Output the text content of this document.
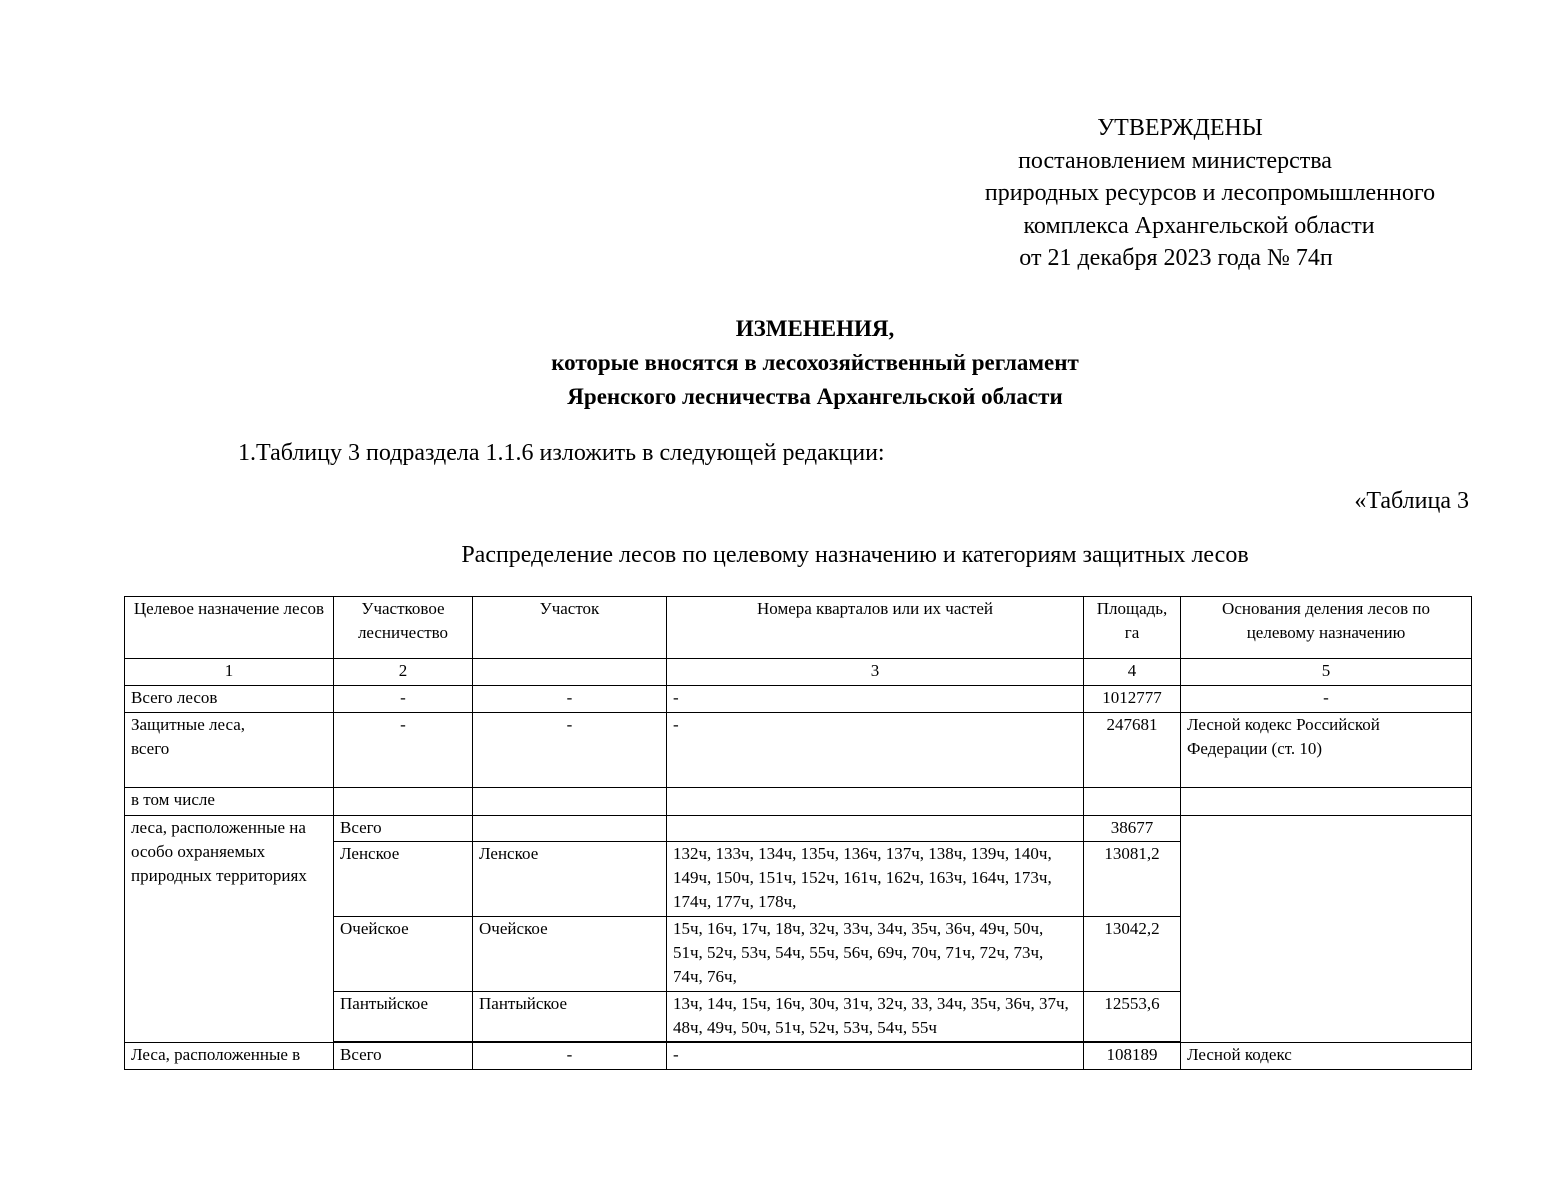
УТВЕРЖДЕНЫ
постановлением министерства
природных ресурсов и лесопромышленного
комплекса Архангельской области
от 21 декабря 2023 года № 74п
ИЗМЕНЕНИЯ,
которые вносятся в лесохозяйственный регламент
Яренского лесничества Архангельской области
1.Таблицу 3 подраздела 1.1.6 изложить в следующей редакции:
«Таблица 3
Распределение лесов по целевому назначению и категориям защитных лесов
Целевое назначение лесов	Участковое лесничество	Участок	Номера кварталов или их частей	Площадь, га	Основания деления лесов по целевому назначению
1	2		3	4	5
Всего лесов	-	-	-	1012777	-
Защитные леса, всего	-	-	-	247681	Лесной кодекс Российской Федерации (ст. 10)
в том числе					
леса, расположенные на особо охраняемых природных территориях	Всего			38677	
	Ленское	Ленское	132ч, 133ч, 134ч, 135ч, 136ч, 137ч, 138ч, 139ч, 140ч, 149ч, 150ч, 151ч, 152ч, 161ч, 162ч, 163ч, 164ч, 173ч, 174ч, 177ч, 178ч,	13081,2	
	Очейское	Очейское	15ч, 16ч, 17ч, 18ч, 32ч, 33ч, 34ч, 35ч, 36ч, 49ч, 50ч, 51ч, 52ч, 53ч, 54ч, 55ч, 56ч, 69ч, 70ч, 71ч, 72ч, 73ч, 74ч, 76ч,	13042,2	
	Пантыйское	Пантыйское	13ч, 14ч, 15ч, 16ч, 30ч, 31ч, 32ч, 33, 34ч, 35ч, 36ч, 37ч, 48ч, 49ч, 50ч, 51ч, 52ч, 53ч, 54ч, 55ч	12553,6	

Леса, расположенные в	Всего	-	-	108189	Лесной кодекс
